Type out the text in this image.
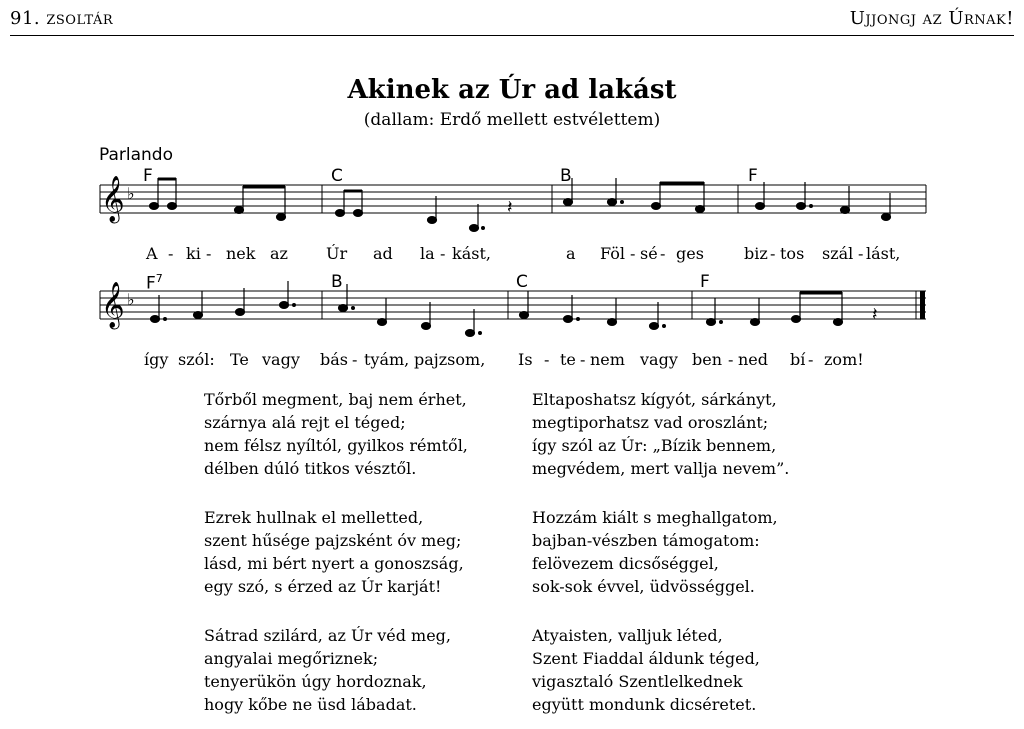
91. zsoltár	Ujjongj az Úrnak!
Akinek az Úr ad lakást
(dallam: Erdő mellett estvélettem)
Parlando
F	C	B	F
𝄞 ♭
𝄽
A - ki - nek az Úr ad la - kást,	a Föl - sé - ges	biz - tos szál - lást,
$F^7$	B	C	F
𝄞 ♭
𝄽
így szól: Te vagy bás - tyám, pajzsom, Is - te - nem vagy ben - ned bí - zom!
Tőrből megment, baj nem érhet,
szárnya alá rejt el téged;
nem félsz nyíltól, gyilkos rémtől,
délben dúló titkos vésztől.
Ezrek hullnak el melletted,
szent hűsége pajzsként óv meg;
lásd, mi bért nyert a gonoszság,
egy szó, s érzed az Úr karját!
Sátrad szilárd, az Úr véd meg,
angyalai megőriznek;
tenyerükön úgy hordoznak,
hogy kőbe ne üsd lábadat.
Eltaposhatsz kígyót, sárkányt,
megtiporhatsz vad oroszlánt;
így szól az Úr: „Bízik bennem,
megvédem, mert vallja nevem”.
Hozzám kiált s meghallgatom,
bajban-vészben támogatom:
felövezem dicsőséggel,
sok-sok évvel, üdvösséggel.
Atyaisten, valljuk léted,
Szent Fiaddal áldunk téged,
vigasztaló Szentlelkednek
együtt mondunk dicséretet.
